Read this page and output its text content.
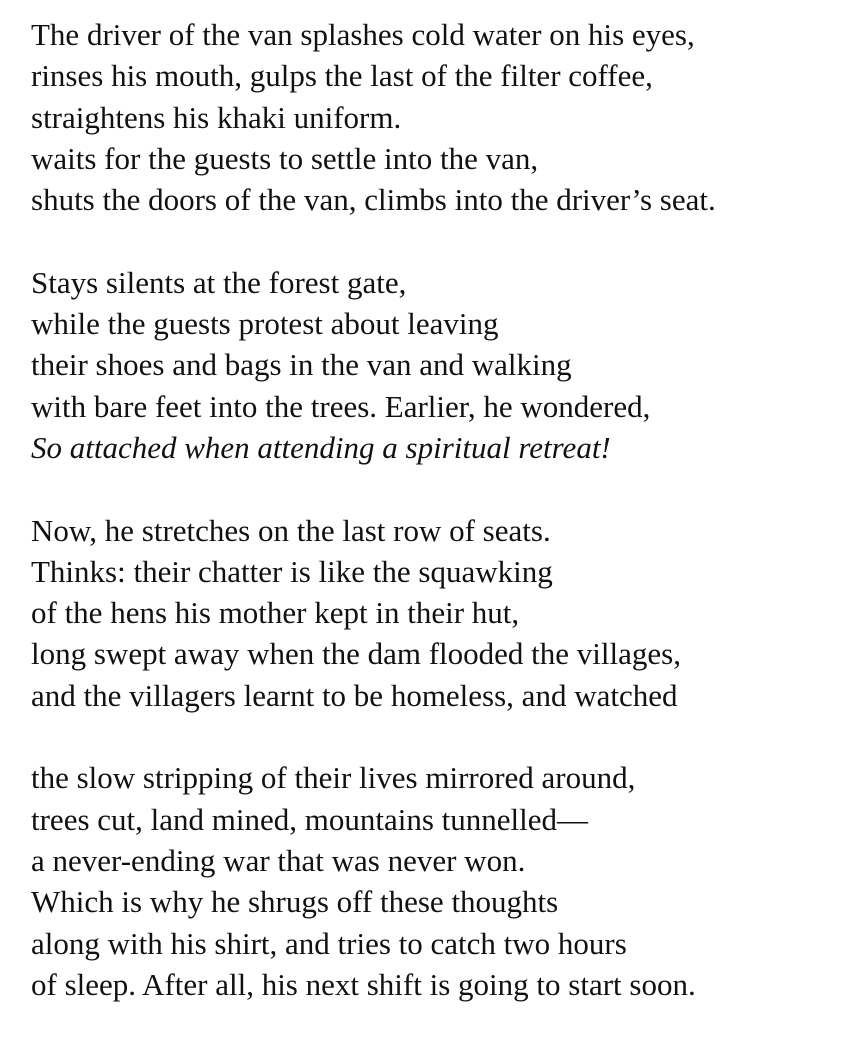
The driver of the van splashes cold water on his eyes,
rinses his mouth, gulps the last of the filter coffee,
straightens his khaki uniform.
waits for the guests to settle into the van,
shuts the doors of the van, climbs into the driver’s seat.
Stays silents at the forest gate,
while the guests protest about leaving
their shoes and bags in the van and walking
with bare feet into the trees. Earlier, he wondered,
So attached when attending a spiritual retreat!
Now, he stretches on the last row of seats.
Thinks: their chatter is like the squawking
of the hens his mother kept in their hut,
long swept away when the dam flooded the villages,
and the villagers learnt to be homeless, and watched
the slow stripping of their lives mirrored around,
trees cut, land mined, mountains tunnelled—
a never-ending war that was never won.
Which is why he shrugs off these thoughts
along with his shirt, and tries to catch two hours
of sleep. After all, his next shift is going to start soon.
